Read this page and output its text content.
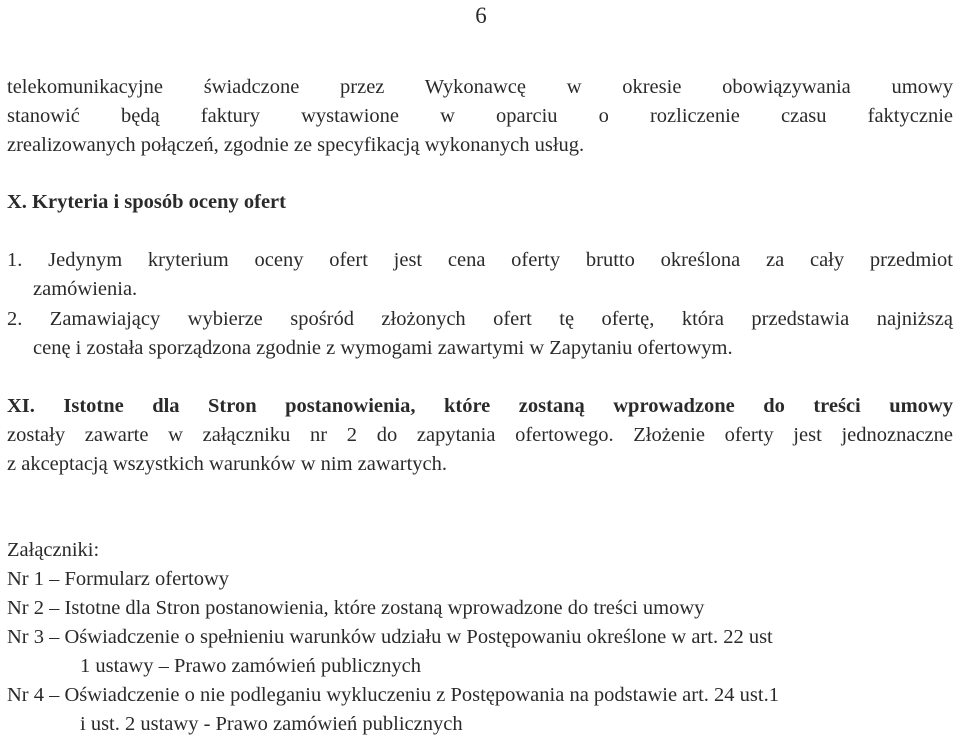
6
telekomunikacyjne świadczone przez Wykonawcę w okresie obowiązywania umowy
stanowić będą faktury wystawione w oparciu o rozliczenie czasu faktycznie
zrealizowanych połączeń, zgodnie ze specyfikacją wykonanych usług.
X. Kryteria i sposób oceny ofert
1. Jedynym kryterium oceny ofert jest cena oferty brutto określona za cały przedmiot
zamówienia.
2. Zamawiający wybierze spośród złożonych ofert tę ofertę, która przedstawia najniższą
cenę i została sporządzona zgodnie z wymogami zawartymi w Zapytaniu ofertowym.
XI. Istotne dla Stron postanowienia, które zostaną wprowadzone do treści umowy
zostały zawarte w załączniku nr 2 do zapytania ofertowego. Złożenie oferty jest jednoznaczne
z akceptacją wszystkich warunków w nim zawartych.
Załączniki:
Nr 1 – Formularz ofertowy
Nr 2 – Istotne dla Stron postanowienia, które zostaną wprowadzone do treści umowy
Nr 3 – Oświadczenie o spełnieniu warunków udziału w Postępowaniu określone w art. 22 ust
1 ustawy – Prawo zamówień publicznych
Nr 4 – Oświadczenie o nie podleganiu wykluczeniu z Postępowania na podstawie art. 24 ust.1
i ust. 2 ustawy - Prawo zamówień publicznych
